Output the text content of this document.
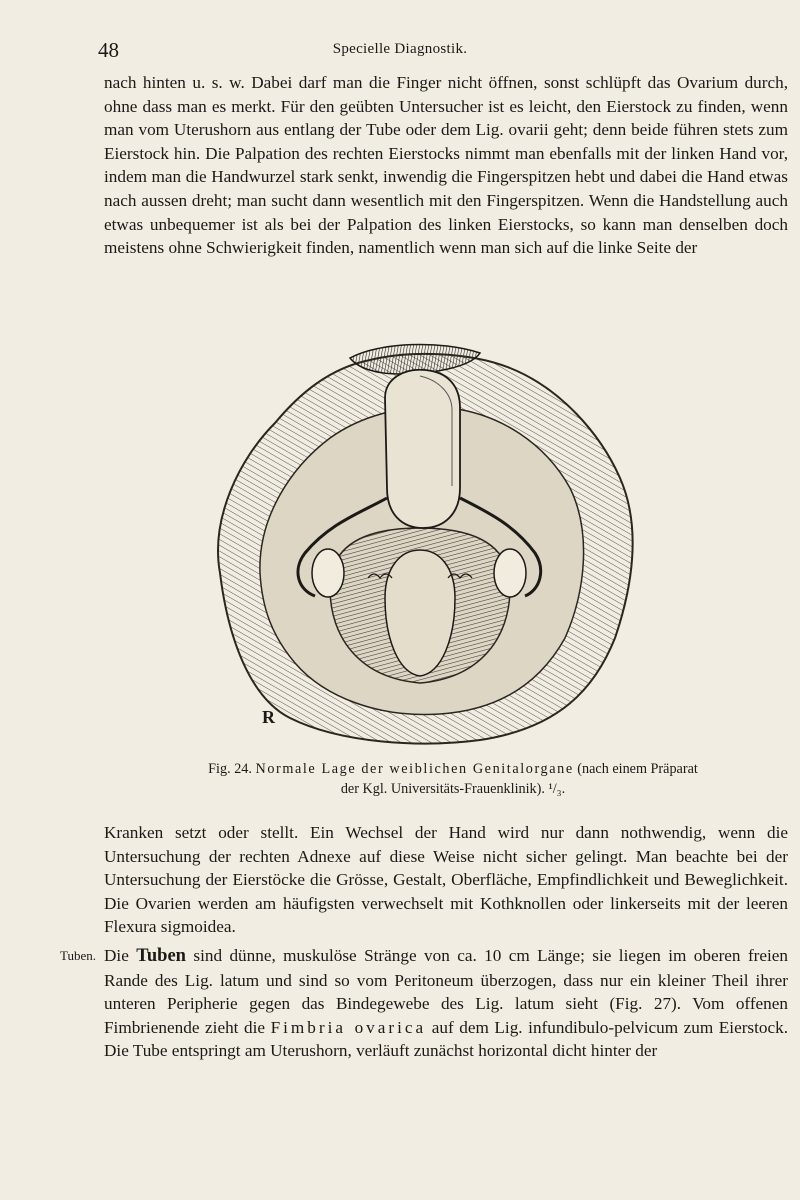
48	Specielle Diagnostik.

nach hinten u. s. w. Dabei darf man die Finger nicht öffnen, sonst schlüpft das Ovarium durch, ohne dass man es merkt. Für den geübten Untersucher ist es leicht, den Eierstock zu finden, wenn man vom Uterushorn aus entlang der Tube oder dem Lig. ovarii geht; denn beide führen stets zum Eierstock hin. Die Palpation des rechten Eierstocks nimmt man ebenfalls mit der linken Hand vor, indem man die Handwurzel stark senkt, inwendig die Fingerspitzen hebt und dabei die Hand etwas nach aussen dreht; man sucht dann wesentlich mit den Fingerspitzen. Wenn die Handstellung auch etwas unbequemer ist als bei der Palpation des linken Eierstocks, so kann man denselben doch meistens ohne Schwierigkeit finden, namentlich wenn man sich auf die linke Seite der

R
Fig. 24. Normale Lage der weiblichen Genitalorgane (nach einem Präparat
der Kgl. Universitäts-Frauenklinik). ¹/₃.

Kranken setzt oder stellt. Ein Wechsel der Hand wird nur dann nothwendig, wenn die Untersuchung der rechten Adnexe auf diese Weise nicht sicher gelingt. Man beachte bei der Untersuchung der Eierstöcke die Grösse, Gestalt, Oberfläche, Empfindlichkeit und Beweglichkeit. Die Ovarien werden am häufigsten verwechselt mit Kothknollen oder linkerseits mit der leeren Flexura sigmoidea.

Tuben. Die Tuben sind dünne, muskulöse Stränge von ca. 10 cm Länge; sie liegen im oberen freien Rande des Lig. latum und sind so vom Peritoneum überzogen, dass nur ein kleiner Theil ihrer unteren Peripherie gegen das Bindegewebe des Lig. latum sieht (Fig. 27). Vom offenen Fimbrienende zieht die Fimbria ovarica auf dem Lig. infundibulo-pelvicum zum Eierstock. Die Tube entspringt am Uterushorn, verläuft zunächst horizontal dicht hinter der
